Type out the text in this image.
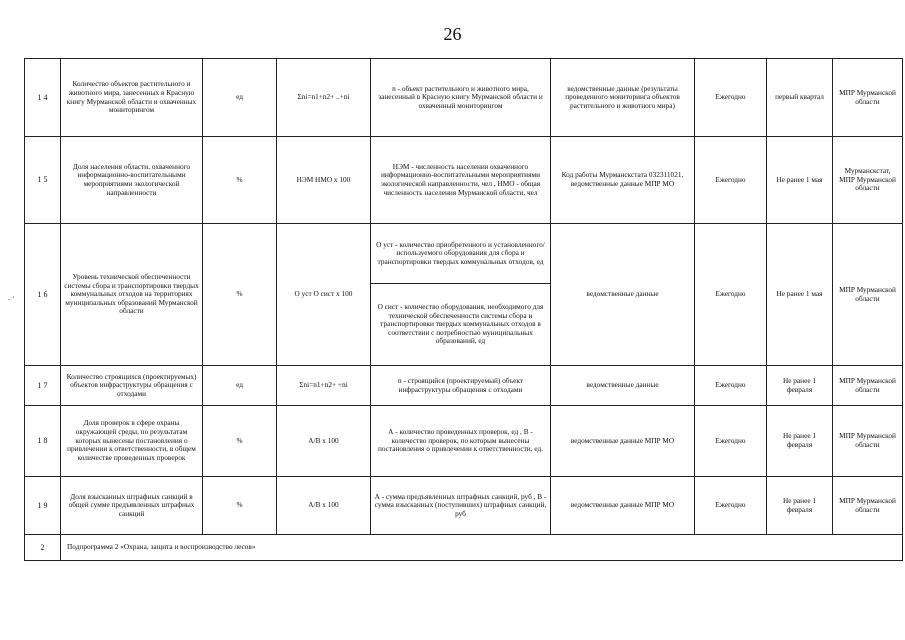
26
. ·
1 4	Количество объектов растительного и животного мира, занесенных в Красную книгу Мурманской области и охваченных мониторингом	ед	Σni=n1+n2+ ..+ni	n - объект растительного и животного мира, занесенный в Красную книгу Мурманской области и охваченный мониторингом	ведомственные данные (результаты проведенного мониторинга объектов растительного и животного мира)	Ежегодно	первый квартал	МПР Мурманской области
1 5	Доля населения области, охваченного информационно-воспитательными мероприятиями экологической направленности	%	НЭМ НМО х 100	НЭМ - численность населения охваченного информационно-воспитательными мероприятиями экологической направленности, чел , НМО - общая численность населения Мурманской области, чел	Код работы Мурманскстата 032311021, ведомственные данные МПР МО	Ежегодно	Не ранее 1 мая	Мурманскстат, МПР Мурманской области
1 6	Уровень технической обеспеченности системы сбора и транспортировки твердых коммунальных отходов на территориях муниципальных образований Мурманской области	%	О уст О сист х 100	О уст - количество приобретенного и установленного/используемого оборудования для сбора и транспортировки твердых коммунальных отходов, ед	ведомственные данные	Ежегодно	Не ранее 1 мая	МПР Мурманской области
				О сист - количество оборудования, необходимого для технической обеспеченности системы сбора и транспортировки твердых коммунальных отходов в соответствии с потребностью муниципальных образований, ед				
1 7	Количество строящихся (проектируемых) объектов инфраструктуры обращения с отходами	ед	Σni=n1+n2+ +ni	n - строящийся (проектируемый) объект инфраструктуры обращения с отходами	ведомственные данные	Ежегодно	Не ранее 1 февраля	МПР Мурманской области
1 8	Доля проверок в сфере охраны окружающей среды, по результатам которых вынесены постановления о привлечении к ответственности, в общем количестве проведенных проверок	%	А/В х 100	А - количество проведенных проверок, ед , В - количество проверок, по которым вынесены постановления о привлечении к ответственности, ед.	ведомственные данные МПР МО	Ежегодно	Не ранее 1 февраля	МПР Мурманской области
1 9	Доля взысканных штрафных санкций в общей сумме предъявленных штрафных санкций	%	А/В х 100	А - сумма предъявленных штрафных санкций, руб , В - сумма взысканных (поступивших) штрафных санкций, руб	ведомственные данные МПР МО	Ежегодно	Не ранее 1 февраля	МПР Мурманской области
2	Подпрограмма 2 «Охрана, защита и воспроизводство лесов»							
